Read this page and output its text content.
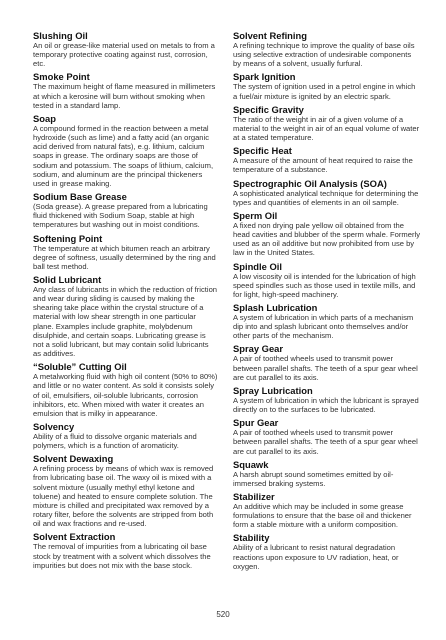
Slushing Oil
An oil or grease-like material used on metals to from a temporary protective coating against rust, corrosion, etc.
Smoke Point
The maximum height of flame measured in millimeters at which a kerosine will burn without smoking when tested in a standard lamp.
Soap
A compound formed in the reaction between a metal hydroxide (such as lime) and a fatty acid (an organic acid derived from natural fats), e.g. lithium, calcium soaps in grease. The ordinary soaps are those of sodium and potassium. The soaps of lithium, calcium, sodium, and aluminum are the principal thickeners used in grease making.
Sodium Base Grease
(Soda grease). A grease prepared from a lubricating fluid thickened with Sodium Soap, stable at high temperatures but washing out in moist conditions.
Softening Point
The temperature at which bitumen reach an arbitrary degree of softness, usually determined by the ring and ball test method.
Solid Lubricant
Any class of lubricants in which the reduction of friction and wear during sliding is caused by making the shearing take place within the crystal structure of a material with low shear strength in one particular plane. Examples include graphite, molybdenum disulphide, and certain soaps. Lubricating grease is not a solid lubricant, but may contain solid lubricants as additives.
“Soluble” Cutting Oil
A metalworking fluid with high oil content (50% to 80%) and little or no water content. As sold it consists solely of oil, emulsifiers, oil-soluble lubricants, corrosion inhibitors, etc. When mixed with water it creates an emulsion that is milky in appearance.
Solvency
Ability of a fluid to dissolve organic materials and polymers, which is a function of aromaticity.
Solvent Dewaxing
A refining process by means of which wax is removed from lubricating base oil. The waxy oil is mixed with a solvent mixture (usually methyl ethyl ketone and toluene) and heated to ensure complete solution. The mixture is chilled and precipitated wax removed by a rotary filter, before the solvents are stripped from both oil and wax fractions and re-used.
Solvent Extraction
The removal of impurities from a lubricating oil base stock by treatment with a solvent which dissolves the impurities but does not mix with the base stock.
Solvent Refining
A refining technique to improve the quality of base oils using selective extraction of undesirable components by means of a solvent, usually furfural.
Spark Ignition
The system of ignition used in a petrol engine in which a fuel/air mixture is ignited by an electric spark.
Specific Gravity
The ratio of the weight in air of a given volume of a material to the weight in air of an equal volume of water at a stated temperature.
Specific Heat
A measure of the amount of heat required to raise the temperature of a substance.
Spectrographic Oil Analysis (SOA)
A sophisticated analytical technique for determining the types and quantities of elements in an oil sample.
Sperm Oil
A fixed non drying pale yellow oil obtained from the head cavities and blubber of the sperm whale. Formerly used as an oil additive but now prohibited from use by law in the United States.
Spindle Oil
A low viscosity oil is intended for the lubrication of high speed spindles such as those used in textile mills, and for light, high-speed machinery.
Splash Lubrication
A system of lubrication in which parts of a mechanism dip into and splash lubricant onto themselves and/or other parts of the mechanism.
Spray Gear
A pair of toothed wheels used to transmit power between parallel shafts. The teeth of a spur gear wheel are cut parallel to its axis.
Spray Lubrication
A system of lubrication in which the lubricant is sprayed directly on to the surfaces to be lubricated.
Spur Gear
A pair of toothed wheels used to transmit power between parallel shafts. The teeth of a spur gear wheel are cut parallel to its axis.
Squawk
A harsh abrupt sound sometimes emitted by oil-immersed braking systems.
Stabilizer
An additive which may be included in some grease formulations to ensure that the base oil and thickener form a stable mixture with a uniform composition.
Stability
Ability of a lubricant to resist natural degradation reactions upon exposure to UV radiation, heat, or oxygen.
520
